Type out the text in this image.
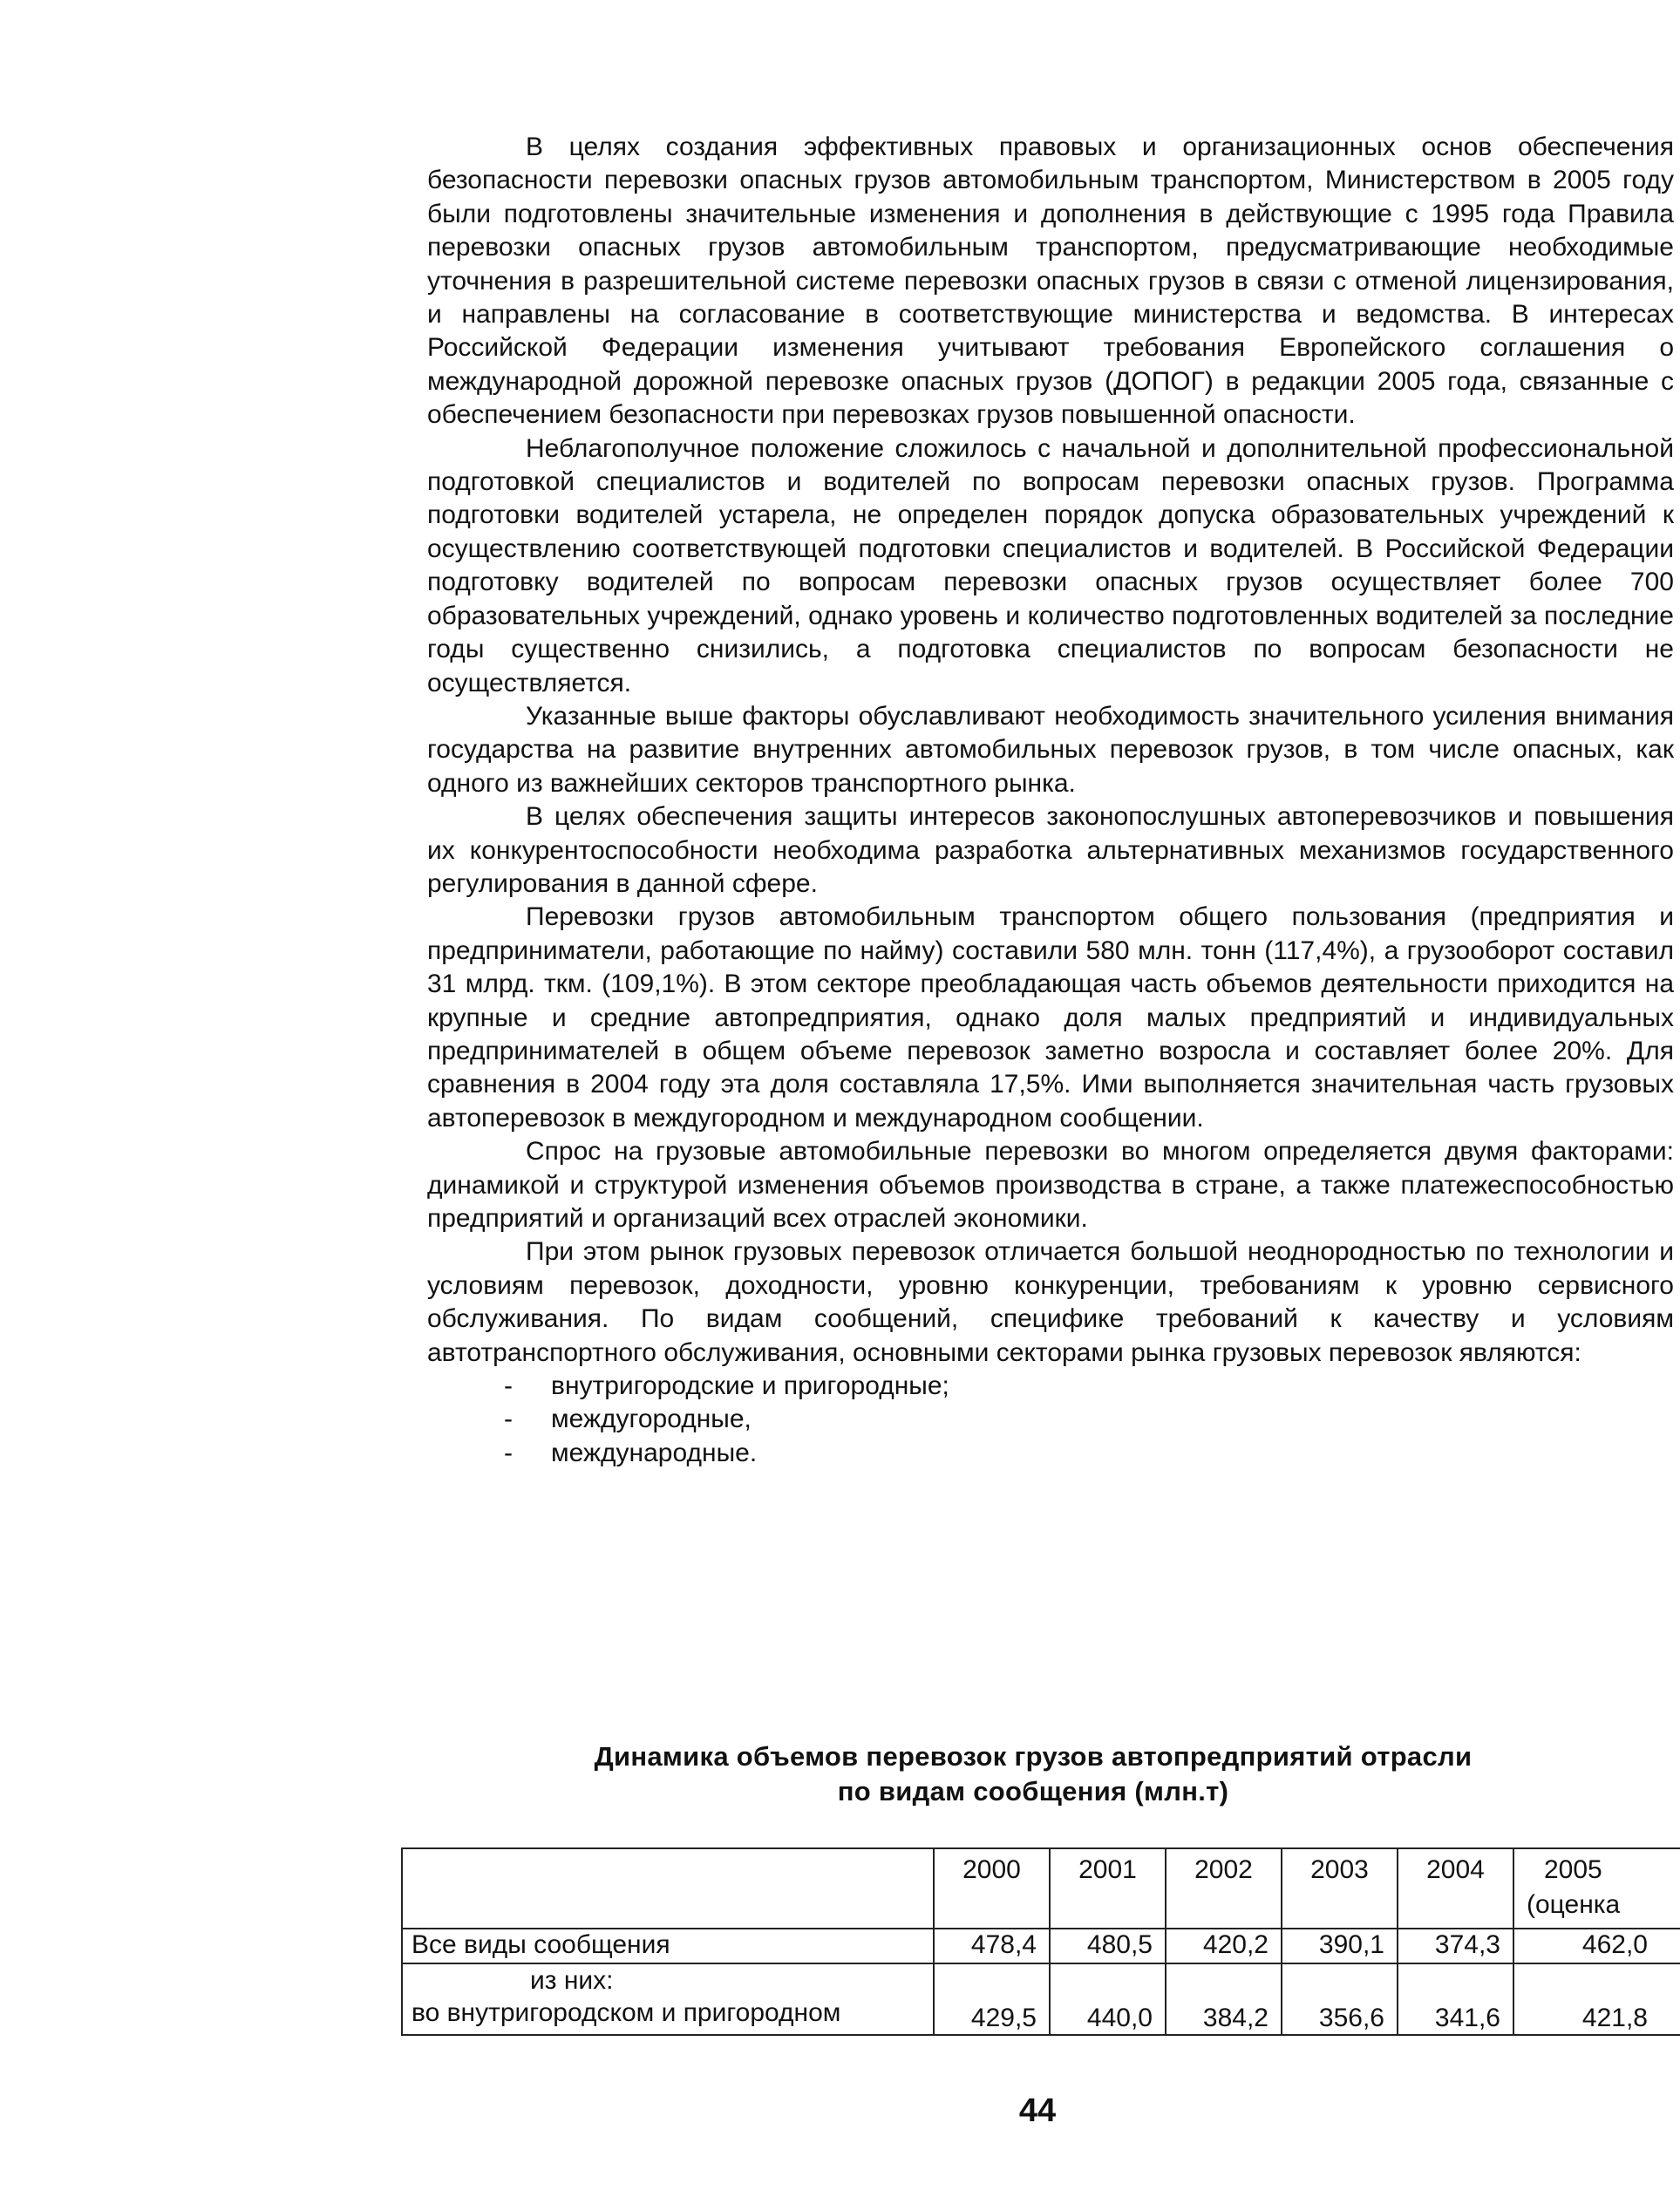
В целях создания эффективных правовых и организационных основ обеспечения безопасности перевозки опасных грузов автомобильным транспортом, Министерством в 2005 году были подготовлены значительные изменения и дополнения в действующие с 1995 года Правила перевозки опасных грузов автомобильным транспортом, предусматривающие необходимые уточнения в разрешительной системе перевозки опасных грузов в связи с отменой лицензирования, и направлены на согласование в соответствующие министерства и ведомства. В интересах Российской Федерации изменения учитывают требования Европейского соглашения о международной дорожной перевозке опасных грузов (ДОПОГ) в редакции 2005 года, связанные с обеспечением безопасности при перевозках грузов повышенной опасности.

Неблагополучное положение сложилось с начальной и дополнительной профессиональной подготовкой специалистов и водителей по вопросам перевозки опасных грузов. Программа подготовки водителей устарела, не определен порядок допуска образовательных учреждений к осуществлению соответствующей подготовки специалистов и водителей. В Российской Федерации подготовку водителей по вопросам перевозки опасных грузов осуществляет более 700 образовательных учреждений, однако уровень и количество подготовленных водителей за последние годы существенно снизились, а подготовка специалистов по вопросам безопасности не осуществляется.

Указанные выше факторы обуславливают необходимость значительного усиления внимания государства на развитие внутренних автомобильных перевозок грузов, в том числе опасных, как одного из важнейших секторов транспортного рынка.

В целях обеспечения защиты интересов законопослушных автоперевозчиков и повышения их конкурентоспособности необходима разработка альтернативных механизмов государственного регулирования в данной сфере.

Перевозки грузов автомобильным транспортом общего пользования (предприятия и предприниматели, работающие по найму) составили 580 млн. тонн (117,4%), а грузооборот составил 31 млрд. ткм. (109,1%). В этом секторе преобладающая часть объемов деятельности приходится на крупные и средние автопредприятия, однако доля малых предприятий и индивидуальных предпринимателей в общем объеме перевозок заметно возросла и составляет более 20%. Для сравнения в 2004 году эта доля составляла 17,5%. Ими выполняется значительная часть грузовых автоперевозок в междугородном и международном сообщении.

Спрос на грузовые автомобильные перевозки во многом определяется двумя факторами: динамикой и структурой изменения объемов производства в стране, а также платежеспособностью предприятий и организаций всех отраслей экономики.

При этом рынок грузовых перевозок отличается большой неоднородностью по технологии и условиям перевозок, доходности, уровню конкуренции, требованиям к уровню сервисного обслуживания. По видам сообщений, специфике требований к качеству и условиям автотранспортного обслуживания, основными секторами рынка грузовых перевозок являются:

- внутригородские и пригородные;
- междугородные,
- международные.
Динамика объемов перевозок грузов автопредприятий отрасли
по видам сообщения (млн.т)
	2000	2001	2002	2003	2004	2005
(оценка

Все виды сообщения	478,4	480,5	420,2	390,1	374,3	462,0

из них:
во внутригородском и пригородном	429,5	440,0	384,2	356,6	341,6	421,8
44
